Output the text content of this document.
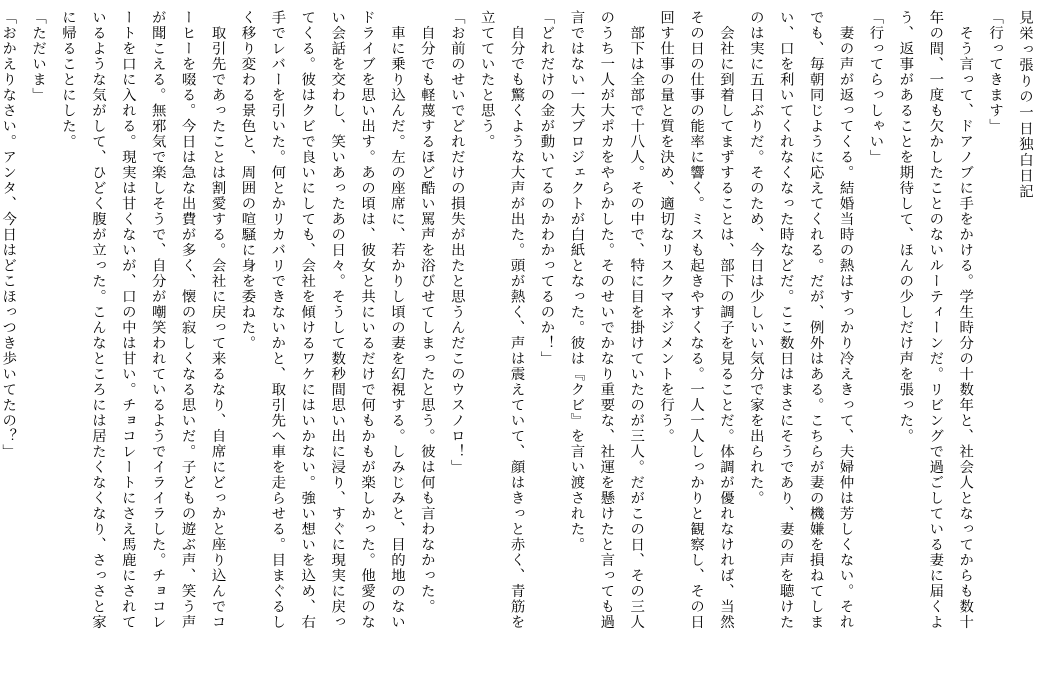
見栄っ張りの一日独白日記

「行ってきます」

　そう言って、ドアノブに手をかける。学生時分の十数年と、社会人となってからも数十

年の間、一度も欠かしたことのないルーティーンだ。リビングで過ごしている妻に届くよ

う、返事があることを期待して、ほんの少しだけ声を張った。

「行ってらっしゃい」

　妻の声が返ってくる。結婚当時の熱はすっかり冷えきって、夫婦仲は芳しくない。それ

でも、毎朝同じように応えてくれる。だが、例外はある。こちらが妻の機嫌を損ねてしま

い、口を利いてくれなくなった時などだ。ここ数日はまさにそうであり、妻の声を聴けた

のは実に五日ぶりだ。そのため、今日は少しいい気分で家を出られた。

　会社に到着してまずすることは、部下の調子を見ることだ。体調が優れなければ、当然

その日の仕事の能率に響く。ミスも起きやすくなる。一人一人しっかりと観察し、その日

回す仕事の量と質を決め、適切なリスクマネジメントを行う。

　部下は全部で十八人。その中で、特に目を掛けていたのが三人。だがこの日、その三人

のうち一人が大ポカをやらかした。そのせいでかなり重要な、社運を懸けたと言っても過

言ではない一大プロジェクトが白紙となった。彼は『クビ』を言い渡された。

「どれだけの金が動いてるのかわかってるのか！」

　自分でも驚くような大声が出た。頭が熱く、声は震えていて、顔はきっと赤く、青筋を

立てていたと思う。

「お前のせいでどれだけの損失が出たと思うんだこのウスノロ！」

　自分でも軽蔑するほど酷い罵声を浴びせてしまったと思う。彼は何も言わなかった。

　車に乗り込んだ。左の座席に、若かりし頃の妻を幻視する。しみじみと、目的地のない

ドライブを思い出す。あの頃は、彼女と共にいるだけで何もかもが楽しかった。他愛のな

い会話を交わし、笑いあったあの日々。そうして数秒間思い出に浸り、すぐに現実に戻っ

てくる。彼はクビで良いにしても、会社を傾けるワケにはいかない。強い想いを込め、右

手でレバーを引いた。何とかリカバリできないかと、取引先へ車を走らせる。目まぐるし

く移り変わる景色と、周囲の喧騒に身を委ねた。

　取引先であったことは割愛する。会社に戻って来るなり、自席にどっかと座り込んでコ

ーヒーを啜る。今日は急な出費が多く、懐の寂しくなる思いだ。子どもの遊ぶ声、笑う声

が聞こえる。無邪気で楽しそうで、自分が嘲笑われているようでイライラした。チョコレ

ートを口に入れる。現実は甘くないが、口の中は甘い。チョコレートにさえ馬鹿にされて

いるような気がして、ひどく腹が立った。こんなところには居たくなくなり、さっさと家

に帰ることにした。

「ただいま」

「おかえりなさい。アンタ、今日はどこほっつき歩いてたの？」
